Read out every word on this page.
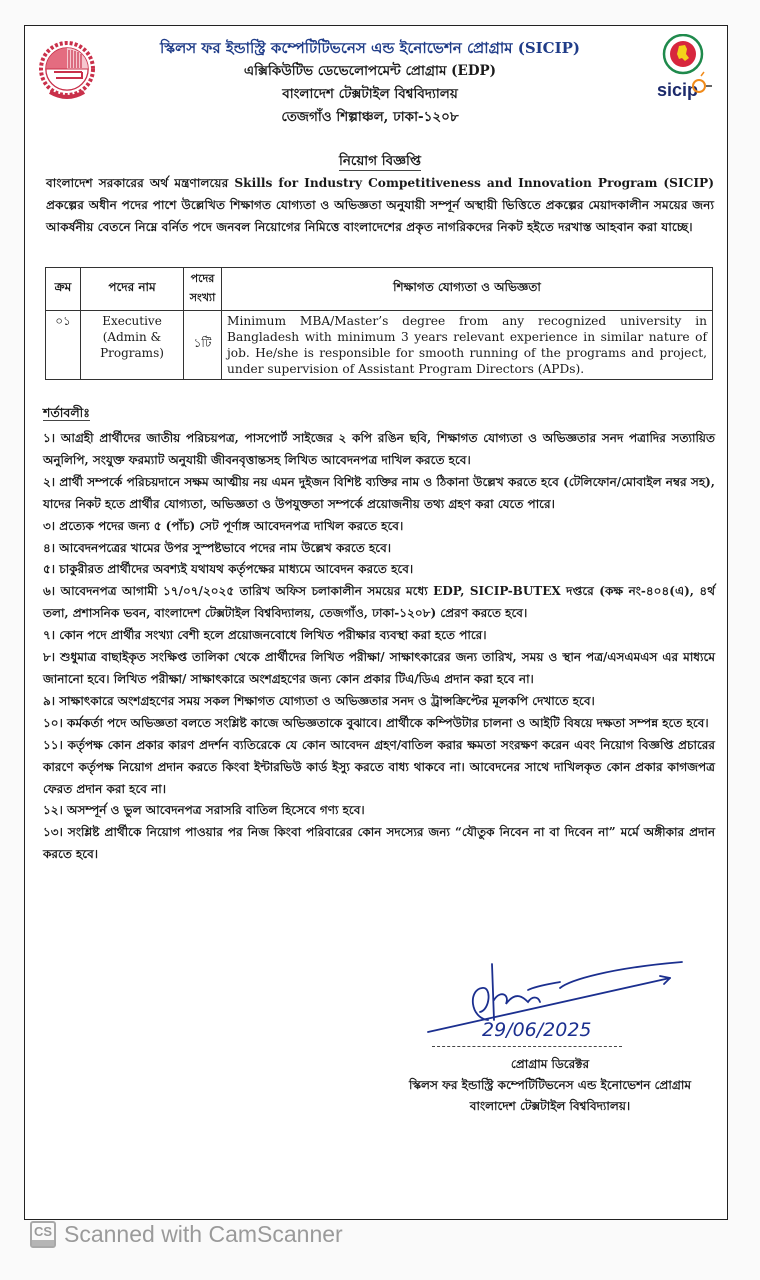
sicip
স্কিলস ফর ইন্ডাস্ট্রি কম্পেটিটিভনেস এন্ড ইনোভেশন প্রোগ্রাম (SICIP)
এক্সিকিউটিভ ডেভেলোপমেন্ট প্রোগ্রাম (EDP)
বাংলাদেশ টেক্সটাইল বিশ্ববিদ্যালয়
তেজগাঁও শিল্পাঞ্চল, ঢাকা-১২০৮
নিয়োগ বিজ্ঞপ্তি
বাংলাদেশ সরকারের অর্থ মন্ত্রণালয়ের Skills for Industry Competitiveness and Innovation Program (SICIP) প্রকল্পের অধীন পদের পাশে উল্লেখিত শিক্ষাগত যোগ্যতা ও অভিজ্ঞতা অনুযায়ী সম্পূর্ন অস্থায়ী ভিত্তিতে প্রকল্পের মেয়াদকালীন সময়ের জন্য আকর্ষনীয় বেতনে নিম্নে বর্নিত পদে জনবল নিয়োগের নিমিত্তে বাংলাদেশের প্রকৃত নাগরিকদের নিকট হইতে দরখাস্ত আহবান করা যাচ্ছে।
ক্রম	পদের নাম	পদের সংখ্যা	শিক্ষাগত যোগ্যতা ও অভিজ্ঞতা
০১	Executive (Admin & Programs)	১টি	Minimum MBA/Master’s degree from any recognized university in Bangladesh with minimum 3 years relevant experience in similar nature of job. He/she is responsible for smooth running of the programs and project, under supervision of Assistant Program Directors (APDs).
শর্তাবলীঃ
১। আগ্রহী প্রার্থীদের জাতীয় পরিচয়পত্র, পাসপোর্ট সাইজের ২ কপি রঙিন ছবি, শিক্ষাগত যোগ্যতা ও অভিজ্ঞতার সনদ পত্রাদির সত্যায়িত অনুলিপি, সংযুক্ত ফরম্যাট অনুযায়ী জীবনবৃত্তান্তসহ লিখিত আবেদনপত্র দাখিল করতে হবে।
২। প্রার্থী সম্পর্কে পরিচয়দানে সক্ষম আত্মীয় নয় এমন দুইজন বিশিষ্ট ব্যক্তির নাম ও ঠিকানা উল্লেখ করতে হবে (টেলিফোন/মোবাইল নম্বর সহ), যাদের নিকট হতে প্রার্থীর যোগ্যতা, অভিজ্ঞতা ও উপযুক্ততা সম্পর্কে প্রয়োজনীয় তথ্য গ্রহণ করা যেতে পারে।
৩। প্রত্যেক পদের জন্য ৫ (পাঁচ) সেট পূর্ণাঙ্গ আবেদনপত্র দাখিল করতে হবে।
৪। আবেদনপত্রের খামের উপর সুস্পষ্টভাবে পদের নাম উল্লেখ করতে হবে।
৫। চাকুরীরত প্রার্থীদের অবশ্যই যথাযথ কর্তৃপক্ষের মাধ্যমে আবেদন করতে হবে।
৬। আবেদনপত্র আগামী ১৭/০৭/২০২৫ তারিখ অফিস চলাকালীন সময়ের মধ্যে EDP, SICIP-BUTEX দপ্তরে (কক্ষ নং-৪০৪(এ), ৪র্থ তলা, প্রশাসনিক ভবন, বাংলাদেশ টেক্সটাইল বিশ্ববিদ্যালয়, তেজগাঁও, ঢাকা-১২০৮) প্রেরণ করতে হবে।
৭। কোন পদে প্রার্থীর সংখ্যা বেশী হলে প্রয়োজনবোধে লিখিত পরীক্ষার ব্যবস্থা করা হতে পারে।
৮। শুধুমাত্র বাছাইকৃত সংক্ষিপ্ত তালিকা থেকে প্রার্থীদের লিখিত পরীক্ষা/ সাক্ষাৎকারের জন্য তারিখ, সময় ও স্থান পত্র/এসএমএস এর মাধ্যমে জানানো হবে। লিখিত পরীক্ষা/ সাক্ষাৎকারে অংশগ্রহণের জন্য কোন প্রকার টিএ/ডিএ প্রদান করা হবে না।
৯। সাক্ষাৎকারে অংশগ্রহণের সময় সকল শিক্ষাগত যোগ্যতা ও অভিজ্ঞতার সনদ ও ট্রান্সক্রিপ্টের মূলকপি দেখাতে হবে।
১০। কর্মকর্তা পদে অভিজ্ঞতা বলতে সংশ্লিষ্ট কাজে অভিজ্ঞতাকে বুঝাবে। প্রার্থীকে কম্পিউটার চালনা ও আইটি বিষয়ে দক্ষতা সম্পন্ন হতে হবে।
১১। কর্তৃপক্ষ কোন প্রকার কারণ প্রদর্শন ব্যতিরেকে যে কোন আবেদন গ্রহণ/বাতিল করার ক্ষমতা সংরক্ষণ করেন এবং নিয়োগ বিজ্ঞপ্তি প্রচারের কারণে কর্তৃপক্ষ নিয়োগ প্রদান করতে কিংবা ইন্টারভিউ কার্ড ইস্যু করতে বাধ্য থাকবে না। আবেদনের সাথে দাখিলকৃত কোন প্রকার কাগজপত্র ফেরত প্রদান করা হবে না।
১২। অসম্পূর্ন ও ভুল আবেদনপত্র সরাসরি বাতিল হিসেবে গণ্য হবে।
১৩। সংশ্লিষ্ট প্রার্থীকে নিয়োগ পাওয়ার পর নিজ কিংবা পরিবারের কোন সদস্যের জন্য “যৌতুক নিবেন না বা দিবেন না” মর্মে অঙ্গীকার প্রদান করতে হবে।
29/06/2025
প্রোগ্রাম ডিরেক্টর
স্কিলস ফর ইন্ডাস্ট্রি কম্পেটিটিভনেস এন্ড ইনোভেশন প্রোগ্রাম
বাংলাদেশ টেক্সটাইল বিশ্ববিদ্যালয়।
CS Scanned with CamScanner
